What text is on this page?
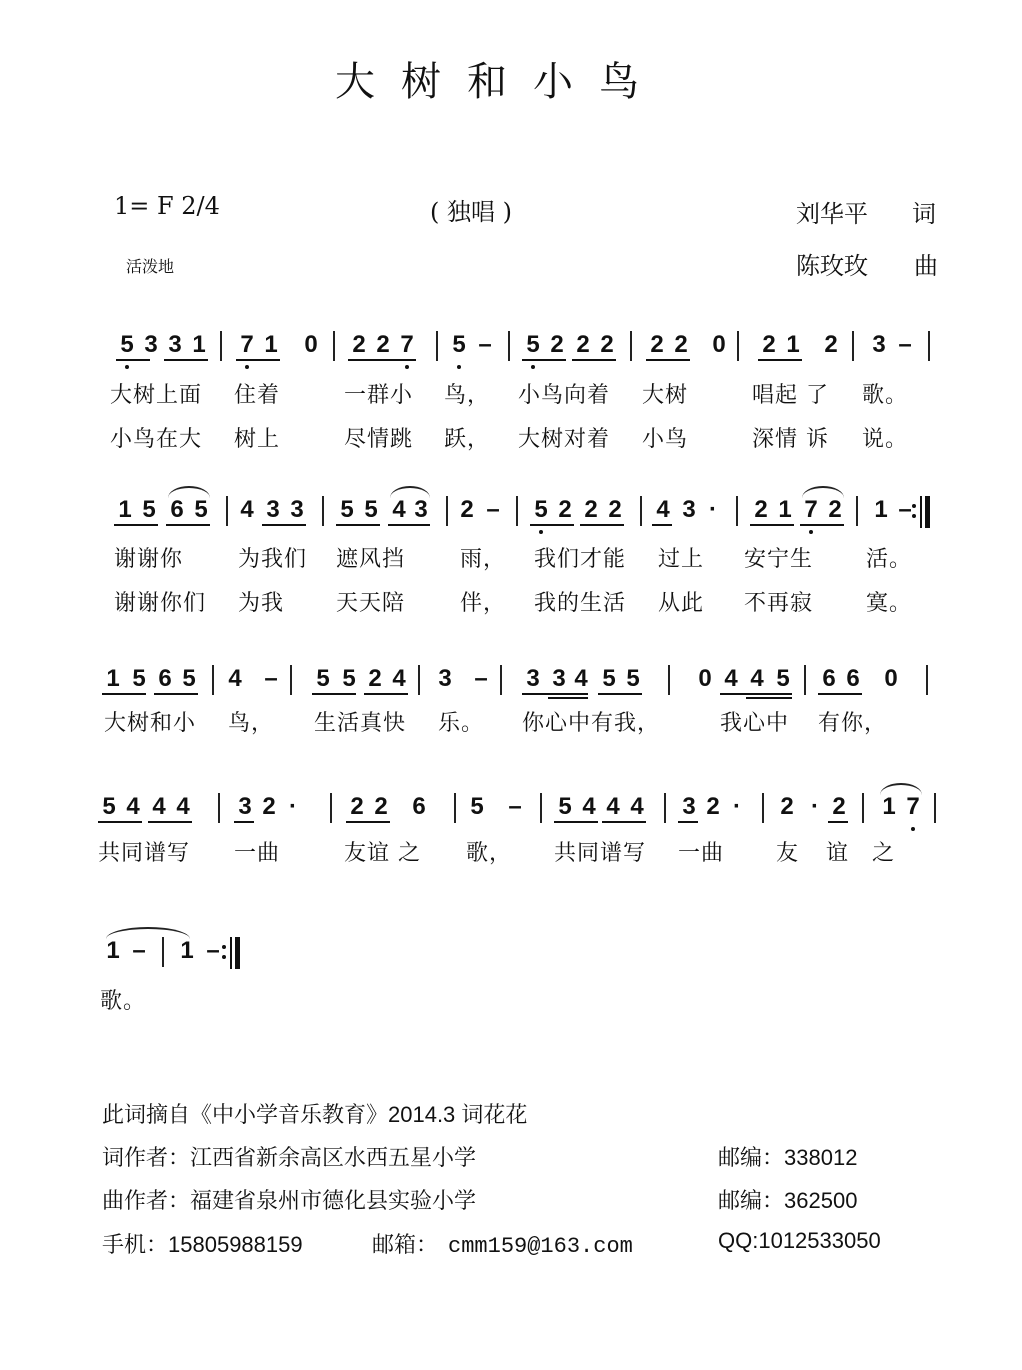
大树和小鸟
1= F 2/4	( 独唱 )	刘华平 词
陈玫玫 曲
活泼地
5 3 3 1 7 1 0 2 2 7 5 – 5 2 2 2 2 2 0 2 1 2 3 –
大树上面 住着	一群小 鸟， 小鸟向着 大树	唱起 了 歌。
小鸟在大 树上	尽情跳 跃， 大树对着 小鸟	深情 诉 说。
1 5 6 5 4 3 3 5 5 4 3 2 – 5 2 2 2 4 3 · 2 1 7 2 1 –
谢谢你 为我们 遮风挡 雨， 我们才能 过上 安宁生 活。
谢谢你们 为我 天天陪 伴， 我的生活 从此 不再寂 寞。
1 5 6 5 4 – 5 5 2 4 3 – 3 3 4 5 5 0 4 4 5 6 6 0
大树和小 鸟， 生活真快 乐。 你心中有我，	我心中 有你，
5 4 4 4 3 2 · 2 2 6 5 – 5 4 4 4 3 2 · 2 · 2 1 7
共同谱写 一曲	友谊 之 歌， 共同谱写 一曲 友 谊 之
1 – 1 –
歌。
此词摘自《中小学音乐教育》2014.3 词花花
词作者：江西省新余高区水西五星小学	邮编：338012
曲作者：福建省泉州市德化县实验小学	邮编：362500
手机：15805988159	邮箱： cmm159@163.com	QQ:1012533050
